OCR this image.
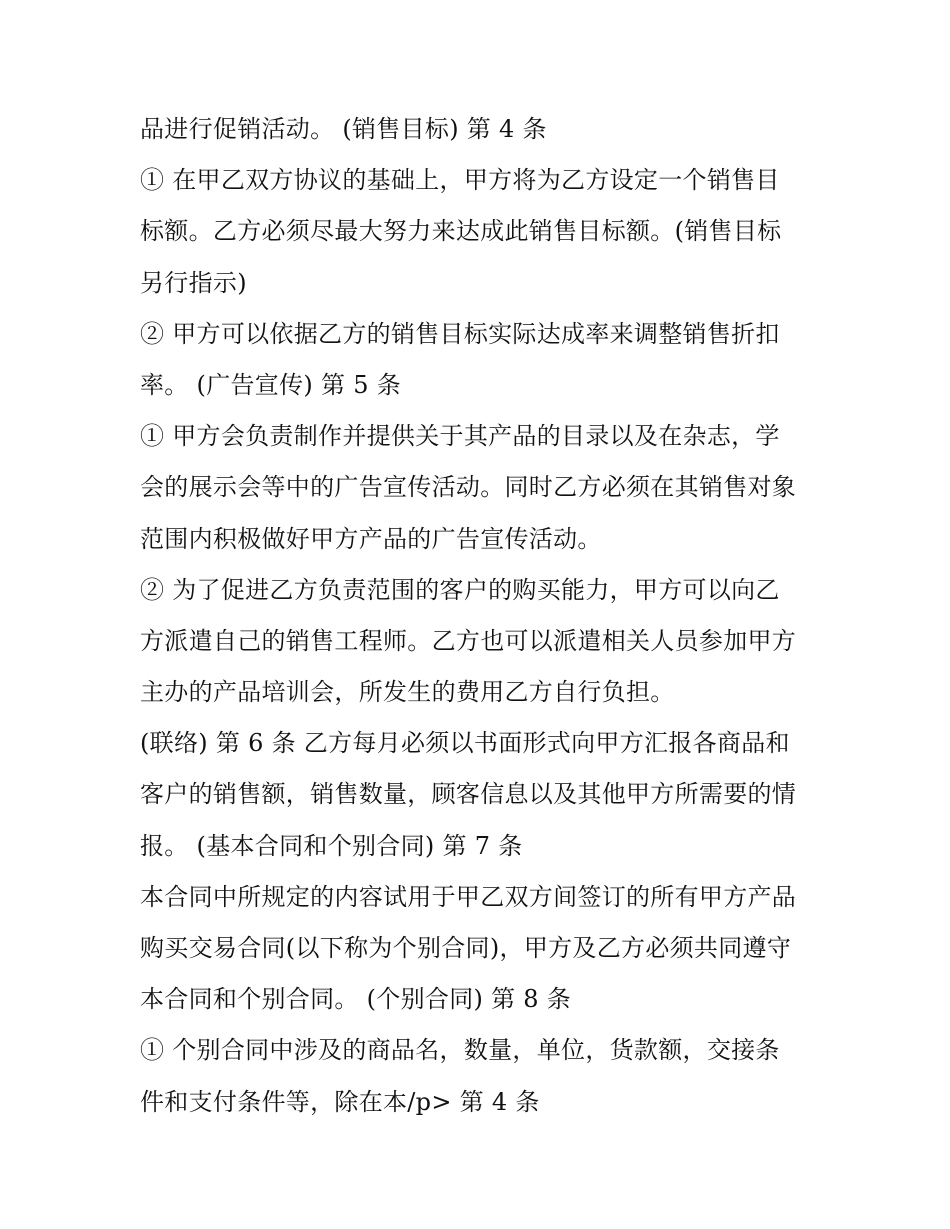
品进行促销活动。 (销售目标) 第 4 条
① 在甲乙双方协议的基础上，甲方将为乙方设定一个销售目
标额。乙方必须尽最大努力来达成此销售目标额。(销售目标
另行指示)
② 甲方可以依据乙方的销售目标实际达成率来调整销售折扣
率。 (广告宣传) 第 5 条
① 甲方会负责制作并提供关于其产品的目录以及在杂志，学
会的展示会等中的广告宣传活动。同时乙方必须在其销售对象
范围内积极做好甲方产品的广告宣传活动。
② 为了促进乙方负责范围的客户的购买能力，甲方可以向乙
方派遣自己的销售工程师。乙方也可以派遣相关人员参加甲方
主办的产品培训会，所发生的费用乙方自行负担。
(联络) 第 6 条 乙方每月必须以书面形式向甲方汇报各商品和
客户的销售额，销售数量，顾客信息以及其他甲方所需要的情
报。 (基本合同和个别合同) 第 7 条
本合同中所规定的内容试用于甲乙双方间签订的所有甲方产品
购买交易合同(以下称为个别合同)，甲方及乙方必须共同遵守
本合同和个别合同。 (个别合同) 第 8 条
① 个别合同中涉及的商品名，数量，单位，货款额，交接条
件和支付条件等，除在本/p> 第 4 条
